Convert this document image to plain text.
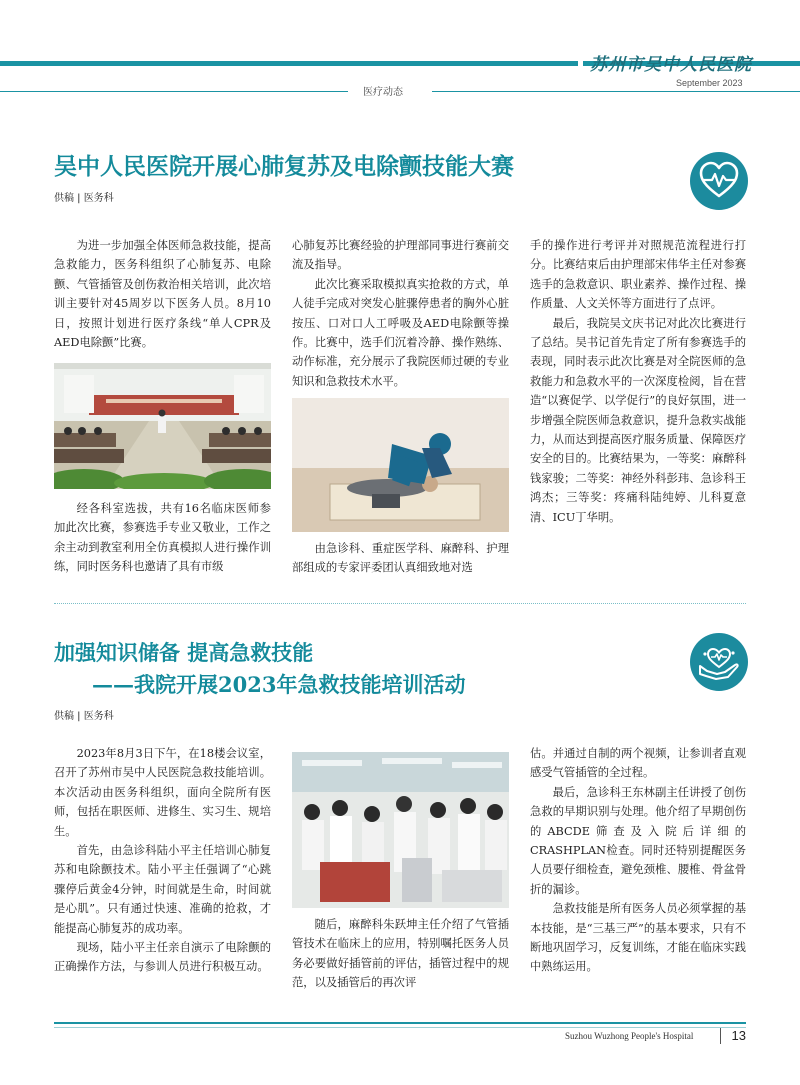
苏州市吴中人民医院
September 2023
医疗动态
吴中人民医院开展心肺复苏及电除颤技能大赛
供稿 | 医务科

为进一步加强全体医师急救技能，提高急救能力，医务科组织了心肺复苏、电除颤、气管插管及创伤救治相关培训，此次培训主要针对45周岁以下医务人员。8月10日，按照计划进行医疗条线“单人CPR及AED电除颤”比赛。

经各科室选拔，共有16名临床医师参加此次比赛，参赛选手专业又敬业，工作之余主动到教室利用全仿真模拟人进行操作训练，同时医务科也邀请了具有市级

心肺复苏比赛经验的护理部同事进行赛前交流及指导。

此次比赛采取模拟真实抢救的方式，单人徒手完成对突发心脏骤停患者的胸外心脏按压、口对口人工呼吸及AED电除颤等操作。比赛中，选手们沉着冷静、操作熟练、动作标准，充分展示了我院医师过硬的专业知识和急救技术水平。

由急诊科、重症医学科、麻醉科、护理部组成的专家评委团认真细致地对选

手的操作进行考评并对照规范流程进行打分。比赛结束后由护理部宋伟华主任对参赛选手的急救意识、职业素养、操作过程、操作质量、人文关怀等方面进行了点评。

最后，我院吴文庆书记对此次比赛进行了总结。吴书记首先肯定了所有参赛选手的表现，同时表示此次比赛是对全院医师的急救能力和急救水平的一次深度检阅，旨在营造“以赛促学、以学促行”的良好氛围，进一步增强全院医师急救意识，提升急救实战能力，从而达到提高医疗服务质量、保障医疗安全的目的。比赛结果为，一等奖：麻醉科钱家骏；二等奖：神经外科彭玮、急诊科王鸿杰；三等奖：疼痛科陆纯婷、儿科夏意清、ICU丁华明。

加强知识储备 提高急救技能
——我院开展2023年急救技能培训活动
供稿 | 医务科

2023年8月3日下午，在18楼会议室，召开了苏州市吴中人民医院急救技能培训。本次活动由医务科组织，面向全院所有医师，包括在职医师、进修生、实习生、规培生。

首先，由急诊科陆小平主任培训心肺复苏和电除颤技术。陆小平主任强调了“心跳骤停后黄金4分钟，时间就是生命，时间就是心肌”。只有通过快速、准确的抢救，才能提高心肺复苏的成功率。

现场，陆小平主任亲自演示了电除颤的正确操作方法，与参训人员进行积极互动。

随后，麻醉科朱跃坤主任介绍了气管插管技术在临床上的应用，特别嘱托医务人员务必要做好插管前的评估，插管过程中的规范，以及插管后的再次评

估。并通过自制的两个视频，让参训者直观感受气管插管的全过程。

最后，急诊科王东林副主任讲授了创伤急救的早期识别与处理。他介绍了早期创伤的ABCDE筛查及入院后详细的CRASHPLAN检查。同时还特别提醒医务人员要仔细检查，避免颈椎、腰椎、骨盆骨折的漏诊。

急救技能是所有医务人员必须掌握的基本技能，是“三基三严”的基本要求，只有不断地巩固学习，反复训练，才能在临床实践中熟练运用。

Suzhou Wuzhong People's Hospital	13
